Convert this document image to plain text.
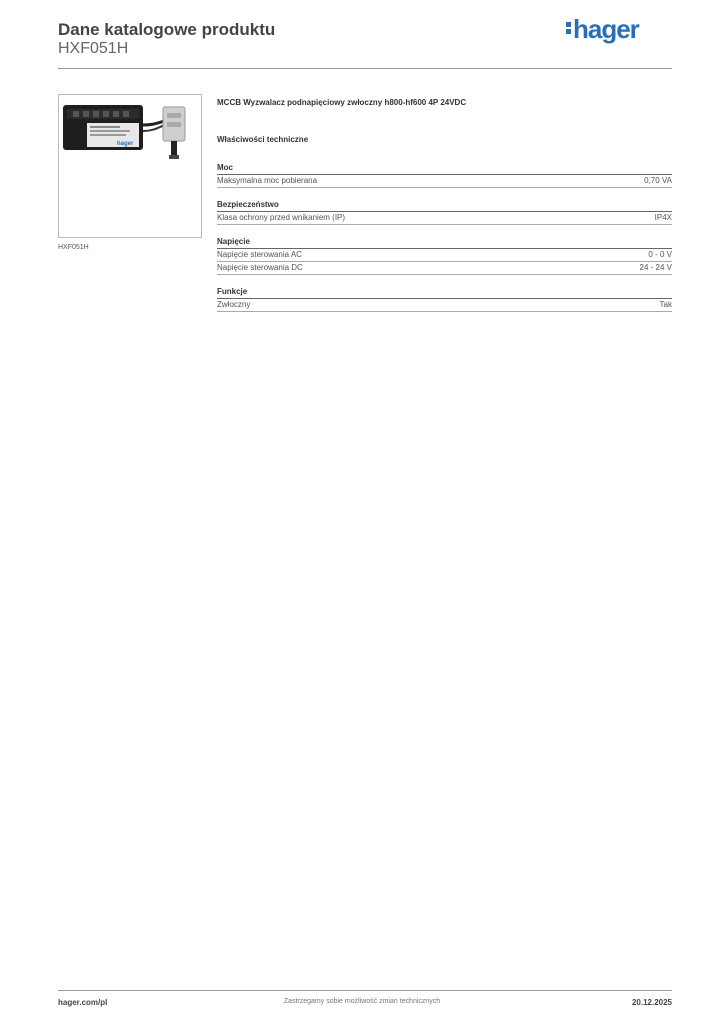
Dane katalogowe produktu
HXF051H
hager
hager
HXF051H
MCCB Wyzwalacz podnapięciowy zwłoczny h800-hf600 4P 24VDC
Właściwości techniczne
Moc
Maksymalna moc pobierana	0,70 VA
Bezpieczeństwo
Klasa ochrony przed wnikaniem (IP)	IP4X
Napięcie
Napięcie sterowania AC	0 - 0 V
Napięcie sterowania DC	24 - 24 V
Funkcje
Zwłoczny	Tak
hager.com/pl	Zastrzegamy sobie możliwość zmian technicznych	20.12.2025
